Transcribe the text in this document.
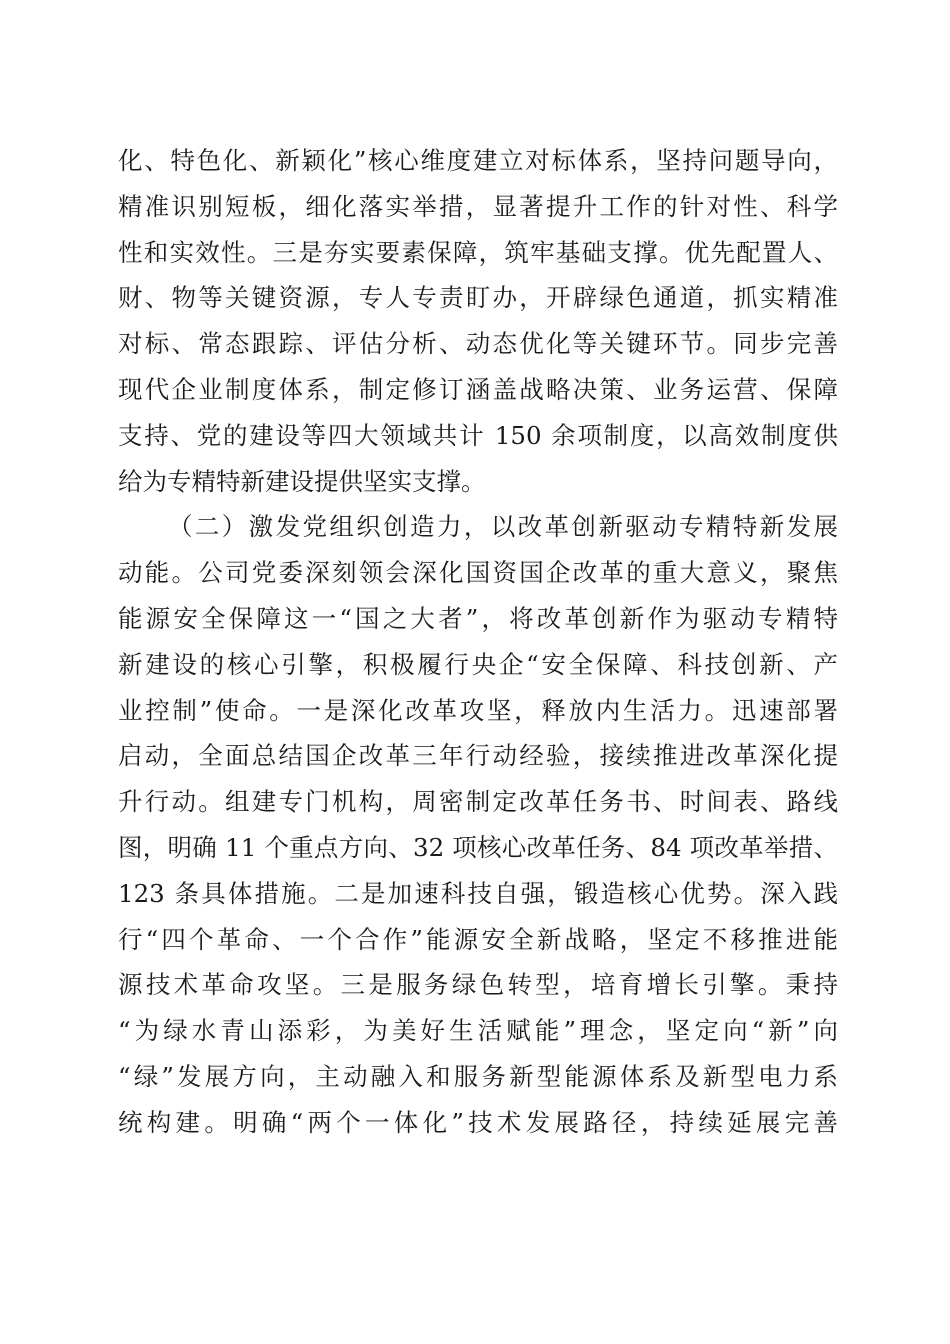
化、特色化、新颖化”核心维度建立对标体系，坚持问题导向，
精准识别短板，细化落实举措，显著提升工作的针对性、科学
性和实效性。三是夯实要素保障，筑牢基础支撑。优先配置人、
财、物等关键资源，专人专责盯办，开辟绿色通道，抓实精准
对标、常态跟踪、评估分析、动态优化等关键环节。同步完善
现代企业制度体系，制定修订涵盖战略决策、业务运营、保障
支持、党的建设等四大领域共计 150 余项制度，以高效制度供
给为专精特新建设提供坚实支撑。
（二）激发党组织创造力，以改革创新驱动专精特新发展
动能。公司党委深刻领会深化国资国企改革的重大意义，聚焦
能源安全保障这一“国之大者”，将改革创新作为驱动专精特
新建设的核心引擎，积极履行央企“安全保障、科技创新、产
业控制”使命。一是深化改革攻坚，释放内生活力。迅速部署
启动，全面总结国企改革三年行动经验，接续推进改革深化提
升行动。组建专门机构，周密制定改革任务书、时间表、路线
图，明确 11 个重点方向、32 项核心改革任务、84 项改革举措、
123 条具体措施。二是加速科技自强，锻造核心优势。深入践
行“四个革命、一个合作”能源安全新战略，坚定不移推进能
源技术革命攻坚。三是服务绿色转型，培育增长引擎。秉持
“为绿水青山添彩，为美好生活赋能”理念，坚定向“新”向
“绿”发展方向，主动融入和服务新型能源体系及新型电力系
统构建。明确“两个一体化”技术发展路径，持续延展完善
